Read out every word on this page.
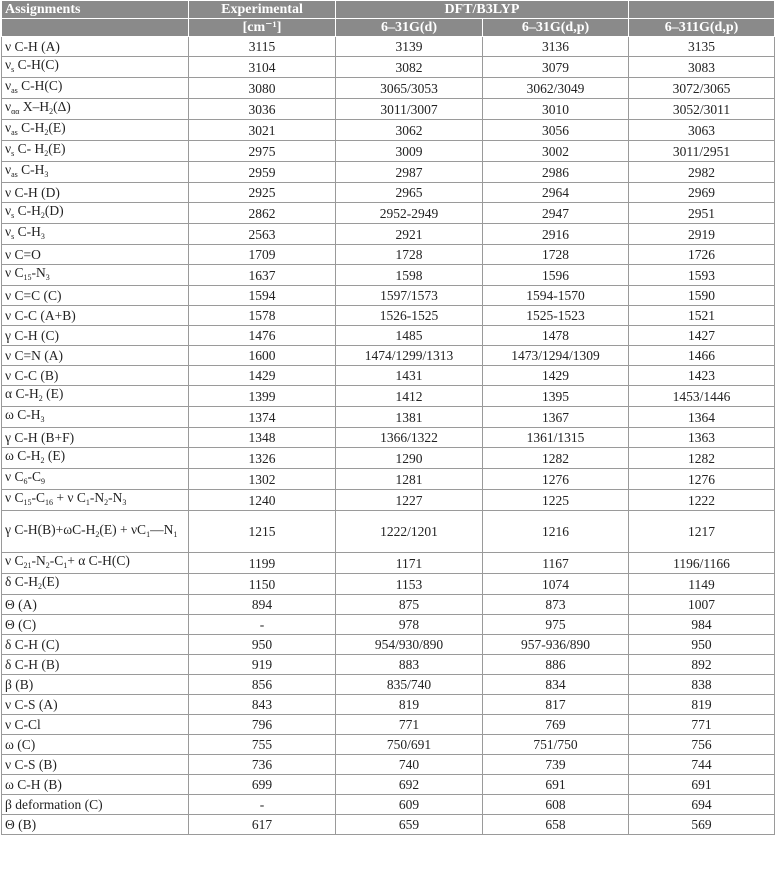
Assignments	Experimental	DFT/B3LYP		
	[cm⁻¹]	6–31G(d)	6–31G(d,p)	6–311G(d,p)
ν C-H (A)	3115	3139	3136	3135
$\nu_s$ C-H(C)	3104	3082	3079	3083
$\nu_{as}$ C-H(C)	3080	3065/3053	3062/3049	3072/3065
$\nu_{\alpha\alpha}$ $X-H_2(\Delta)$	3036	3011/3007	3010	3052/3011
$\nu_{as}$ $C-H_2(E)$	3021	3062	3056	3063
$\nu_s$ C- $H_2(E)$	2975	3009	3002	3011/2951
$\nu_{as}$ $C-H_3$	2959	2987	2986	2982
ν C-H (D)	2925	2965	2964	2969
$\nu_s$ $C-H_2(D)$	2862	2952-2949	2947	2951
$\nu_s$ $C-H_3$	2563	2921	2916	2919
ν C=O	1709	1728	1728	1726
ν $C_{15}-N_3$	1637	1598	1596	1593
ν C=C (C)	1594	1597/1573	1594-1570	1590
ν C-C (A+B)	1578	1526-1525	1525-1523	1521
γ C-H (C)	1476	1485	1478	1427
ν C=N (A)	1600	1474/1299/1313	1473/1294/1309	1466
ν C-C (B)	1429	1431	1429	1423
α $C-H_2$ (E)	1399	1412	1395	1453/1446
ω $C-H_3$	1374	1381	1367	1364
γ C-H (B+F)	1348	1366/1322	1361/1315	1363
ω $C-H_2$ (E)	1326	1290	1282	1282
ν $C_6-C_9$	1302	1281	1276	1276
ν $C_{15}-C_{16} + \nu$ $C_1-N_2-N_3$	1240	1227	1225	1222
γ $C-H(B)+\omega C-H_2(E)$ + $\nu C_1—N_1$	1215	1222/1201	1216	1217
ν $C_{21}-N_2-C_1+ \alpha$ C-H(C)	1199	1171	1167	1196/1166
δ $C-H_2(E)$	1150	1153	1074	1149
Θ (A)	894	875	873	1007
Θ (C)	-	978	975	984
δ C-H (C)	950	954/930/890	957-936/890	950
δ C-H (B)	919	883	886	892
β (B)	856	835/740	834	838
ν C-S (A)	843	819	817	819
ν C-Cl	796	771	769	771
ω (C)	755	750/691	751/750	756
ν C-S (B)	736	740	739	744
ω C-H (B)	699	692	691	691
β deformation (C)	-	609	608	694
Θ (B)	617	659	658	569
